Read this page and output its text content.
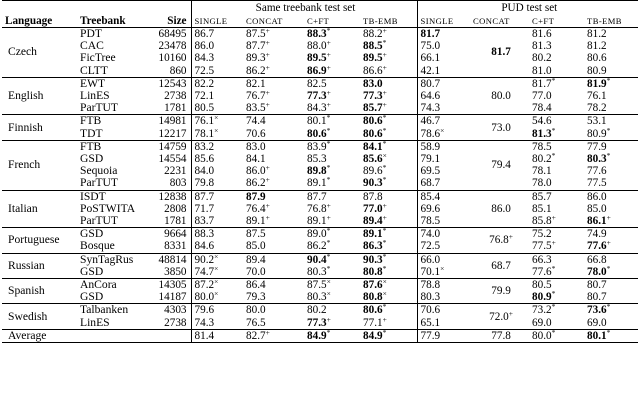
Language	Treebank	Size	Same treebank test set				PUD test set			
			SINGLE	CONCAT	C+FT	TB-EMB	SINGLE	CONCAT	C+FT	TB-EMB
Czech	PDT	68495	86.7	87.5+	88.3*	88.2+	81.7	81.7	81.6	81.2
	CAC	23478	86.0	87.7+	88.0+	88.5*	75.0		81.3	81.2
	FicTree	10160	84.3	89.3+	89.5+	89.5+	66.1		80.2	80.6
	CLTT	860	72.5	86.2+	86.9+	86.6+	42.1		81.0	80.9
English	EWT	12543	82.2	82.1	82.5	83.0	80.7	80.0	81.7*	81.9*
	LinES	2738	72.1	76.7+	77.3+	77.3+	64.6		77.0	76.1
	ParTUT	1781	80.5	83.5+	84.3+	85.7+	74.3		78.4	78.2
Finnish	FTB	14981	76.1×	74.4	80.1*	80.6*	46.7	73.0	54.6	53.1
	TDT	12217	78.1×	70.6	80.6*	80.6*	78.6×		81.3*	80.9*
French	FTB	14759	83.2	83.0	83.9*	84.1*	58.9	79.4	78.5	77.9
	GSD	14554	85.6	84.1	85.3	85.6×	79.1		80.2*	80.3*
	Sequoia	2231	84.0	86.0+	89.8*	89.6*	69.5		78.1	77.6
	ParTUT	803	79.8	86.2+	89.1*	90.3*	68.7		78.0	77.5
Italian	ISDT	12838	87.7	87.9	87.7	87.8	85.4	86.0	85.7	86.0
	PoSTWITA	2808	71.7	76.4+	76.8+	77.0+	69.6		85.1	85.0
	ParTUT	1781	83.7	89.1+	89.1+	89.4+	78.5		85.8+	86.1+
Portuguese	GSD	9664	88.3	87.5	89.0*	89.1*	74.0	76.8+	75.2	74.9
	Bosque	8331	84.6	85.0	86.2*	86.3*	72.5		77.5+	77.6+
Russian	SynTagRus	48814	90.2×	89.4	90.4*	90.3*	66.0	68.7	66.3	66.8
	GSD	3850	74.7×	70.0	80.3*	80.8*	70.1×		77.6*	78.0*
Spanish	AnCora	14305	87.2×	86.4	87.5×	87.6×	78.8	79.9	80.5	80.7
	GSD	14187	80.0×	79.3	80.3×	80.8×	80.3		80.9*	80.7
Swedish	Talbanken	4303	79.6	80.0	80.2	80.6*	70.6	72.0+	73.2*	73.6*
	LinES	2738	74.3	76.5	77.3+	77.1+	65.1		69.0	69.0
Average			81.4	82.7+	84.9*	84.9*	77.9	77.8	80.0*	80.1*
